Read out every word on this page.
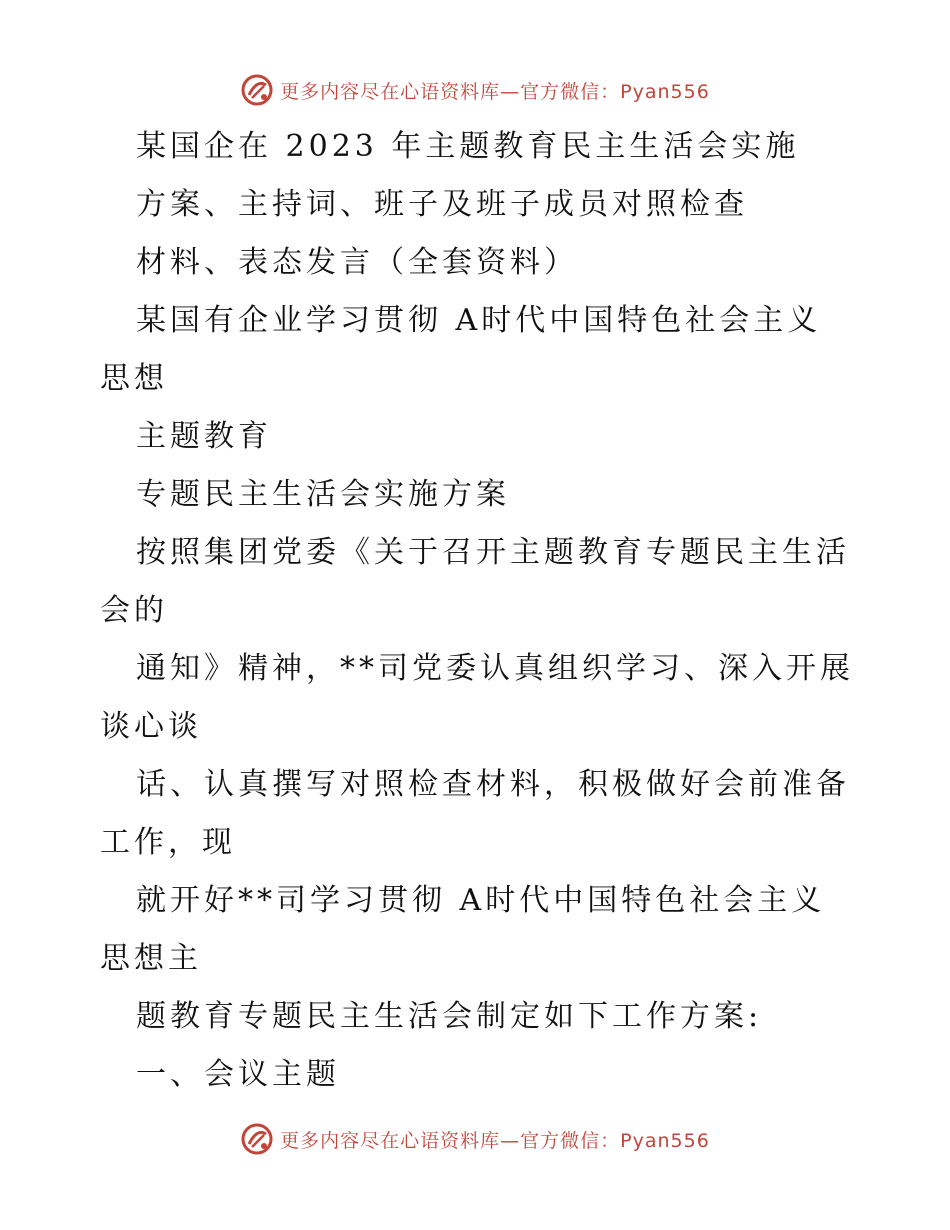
更多内容尽在心语资料库—官方微信：Pyan556
某国企在 2023 年主题教育民主生活会实施
方案、主持词、班子及班子成员对照检查
材料、表态发言（全套资料）
某国有企业学习贯彻 A时代中国特色社会主义
思想
主题教育
专题民主生活会实施方案
按照集团党委《关于召开主题教育专题民主生活
会的
通知》精神，**司党委认真组织学习、深入开展
谈心谈
话、认真撰写对照检查材料，积极做好会前准备
工作，现
就开好**司学习贯彻 A时代中国特色社会主义
思想主
题教育专题民主生活会制定如下工作方案:
一、会议主题
更多内容尽在心语资料库—官方微信：Pyan556
